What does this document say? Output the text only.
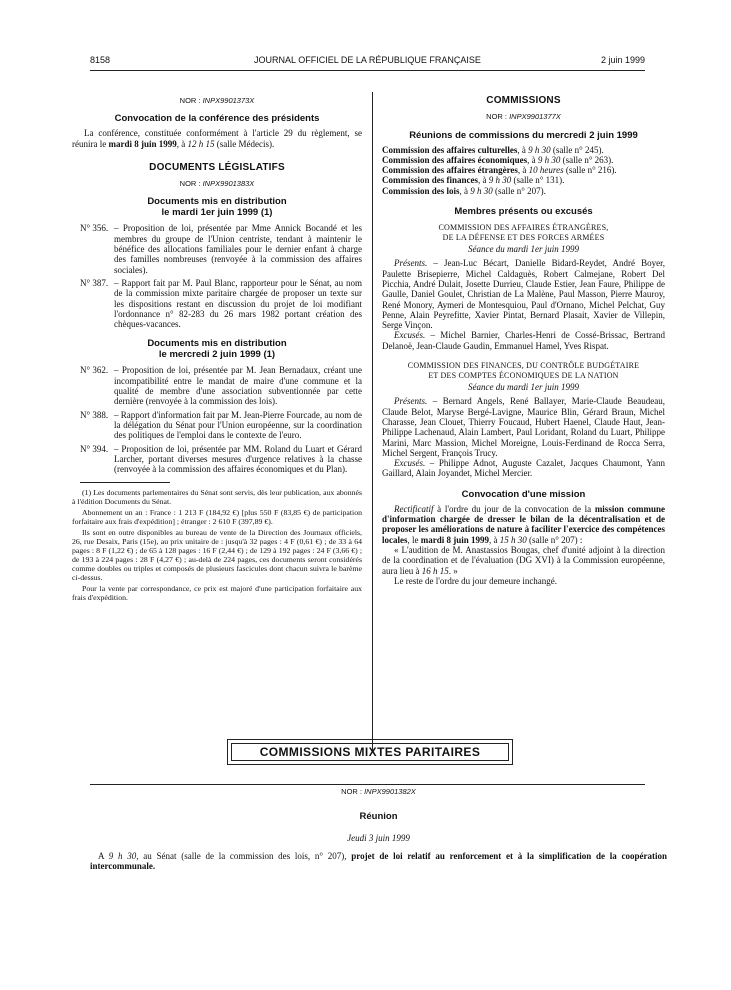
8158	JOURNAL OFFICIEL DE LA RÉPUBLIQUE FRANÇAISE	2 juin 1999

NOR : INPX9901373X

Convocation de la conférence des présidents

La conférence, constituée conformément à l'article 29 du règlement, se réunira le mardi 8 juin 1999, à 12 h 15 (salle Médecis).

DOCUMENTS LÉGISLATIFS

NOR : INPX9901383X

Documents mis en distribution
le mardi 1er juin 1999 (1)

N° 356. – Proposition de loi, présentée par Mme Annick Bocandé et les membres du groupe de l'Union centriste, tendant à maintenir le bénéfice des allocations familiales pour le dernier enfant à charge des familles nombreuses (renvoyée à la commission des affaires sociales).
N° 387. – Rapport fait par M. Paul Blanc, rapporteur pour le Sénat, au nom de la commission mixte paritaire chargée de proposer un texte sur les dispositions restant en discussion du projet de loi modifiant l'ordonnance n° 82-283 du 26 mars 1982 portant création des chèques-vacances.

Documents mis en distribution
le mercredi 2 juin 1999 (1)

N° 362. – Proposition de loi, présentée par M. Jean Bernadaux, créant une incompatibilité entre le mandat de maire d'une commune et la qualité de membre d'une association subventionnée par cette dernière (renvoyée à la commission des lois).
N° 388. – Rapport d'information fait par M. Jean-Pierre Fourcade, au nom de la délégation du Sénat pour l'Union européenne, sur la coordination des politiques de l'emploi dans le contexte de l'euro.
N° 394. – Proposition de loi, présentée par MM. Roland du Luart et Gérard Larcher, portant diverses mesures d'urgence relatives à la chasse (renvoyée à la commission des affaires économiques et du Plan).

(1) Les documents parlementaires du Sénat sont servis, dès leur publication, aux abonnés à l'édition Documents du Sénat.

Abonnement un an : France : 1 213 F (184,92 €) [plus 550 F (83,85 €) de participation forfaitaire aux frais d'expédition] ; étranger : 2 610 F (397,89 €).

Ils sont en outre disponibles au bureau de vente de la Direction des Journaux officiels, 26, rue Desaix, Paris (15e), au prix unitaire de : jusqu'à 32 pages : 4 F (0,61 €) ; de 33 à 64 pages : 8 F (1,22 €) ; de 65 à 128 pages : 16 F (2,44 €) ; de 129 à 192 pages : 24 F (3,66 €) ; de 193 à 224 pages : 28 F (4,27 €) ; au-delà de 224 pages, ces documents seront considérés comme doubles ou triples et composés de plusieurs fascicules dont chacun suivra le barème ci-dessus.

Pour la vente par correspondance, ce prix est majoré d'une participation forfaitaire aux frais d'expédition.

COMMISSIONS

NOR : INPX9901377X

Réunions de commissions du mercredi 2 juin 1999

Commission des affaires culturelles, à 9 h 30 (salle n° 245).

Commission des affaires économiques, à 9 h 30 (salle n° 263).

Commission des affaires étrangères, à 10 heures (salle n° 216).

Commission des finances, à 9 h 30 (salle n° 131).

Commission des lois, à 9 h 30 (salle n° 207).

Membres présents ou excusés

COMMISSION DES AFFAIRES ÉTRANGÈRES,
DE LA DÉFENSE ET DES FORCES ARMÉES

Séance du mardi 1er juin 1999

Présents. – Jean-Luc Bécart, Danielle Bidard-Reydet, André Boyer, Paulette Brisepierre, Michel Caldaguès, Robert Calmejane, Robert Del Picchia, André Dulait, Josette Durrieu, Claude Estier, Jean Faure, Philippe de Gaulle, Daniel Goulet, Christian de La Malène, Paul Masson, Pierre Mauroy, René Monory, Aymeri de Montesquiou, Paul d'Ornano, Michel Pelchat, Guy Penne, Alain Peyrefitte, Xavier Pintat, Bernard Plasait, Xavier de Villepin, Serge Vinçon.

Excusés. – Michel Barnier, Charles-Henri de Cossé-Brissac, Bertrand Delanoë, Jean-Claude Gaudin, Emmanuel Hamel, Yves Rispat.

COMMISSION DES FINANCES, DU CONTRÔLE BUDGÉTAIRE
ET DES COMPTES ÉCONOMIQUES DE LA NATION

Séance du mardi 1er juin 1999

Présents. – Bernard Angels, René Ballayer, Marie-Claude Beaudeau, Claude Belot, Maryse Bergé-Lavigne, Maurice Blin, Gérard Braun, Michel Charasse, Jean Clouet, Thierry Foucaud, Hubert Haenel, Claude Haut, Jean-Philippe Lachenaud, Alain Lambert, Paul Loridant, Roland du Luart, Philippe Marini, Marc Massion, Michel Moreigne, Louis-Ferdinand de Rocca Serra, Michel Sergent, François Trucy.

Excusés. – Philippe Adnot, Auguste Cazalet, Jacques Chaumont, Yann Gaillard, Alain Joyandet, Michel Mercier.

Convocation d'une mission

Rectificatif à l'ordre du jour de la convocation de la mission commune d'information chargée de dresser le bilan de la décentralisation et de proposer les améliorations de nature à faciliter l'exercice des compétences locales, le mardi 8 juin 1999, à 15 h 30 (salle n° 207) :

« L'audition de M. Anastassios Bougas, chef d'unité adjoint à la direction de la coordination et de l'évaluation (DG XVI) à la Commission européenne, aura lieu à 16 h 15. »

Le reste de l'ordre du jour demeure inchangé.

COMMISSIONS MIXTES PARITAIRES
NOR : INPX9901382X
Réunion
Jeudi 3 juin 1999
A 9 h 30, au Sénat (salle de la commission des lois, n° 207), projet de loi relatif au renforcement et à la simplification de la coopération intercommunale.
